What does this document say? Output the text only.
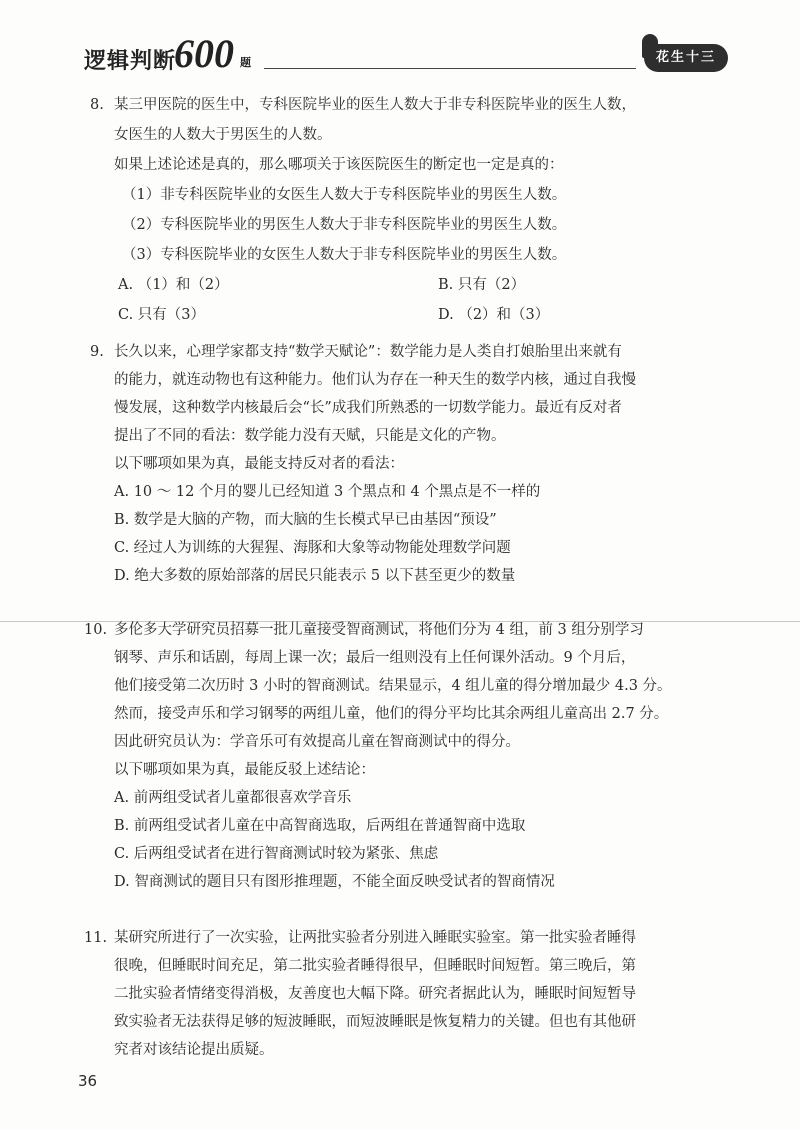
逻辑判断
600 题	花生十三
8. 某三甲医院的医生中，专科医院毕业的医生人数大于非专科医院毕业的医生人数，
女医生的人数大于男医生的人数。
如果上述论述是真的，那么哪项关于该医院医生的断定也一定是真的：
（1）非专科医院毕业的女医生人数大于专科医院毕业的男医生人数。
（2）专科医院毕业的男医生人数大于非专科医院毕业的男医生人数。
（3）专科医院毕业的女医生人数大于非专科医院毕业的男医生人数。
A. （1）和（2）	B. 只有（2）
C. 只有（3）	D. （2）和（3）
9. 长久以来，心理学家都支持“数学天赋论”：数学能力是人类自打娘胎里出来就有
的能力，就连动物也有这种能力。他们认为存在一种天生的数学内核，通过自我慢
慢发展，这种数学内核最后会“长”成我们所熟悉的一切数学能力。最近有反对者
提出了不同的看法：数学能力没有天赋，只能是文化的产物。
以下哪项如果为真，最能支持反对者的看法：
A. 10 ～ 12 个月的婴儿已经知道 3 个黑点和 4 个黑点是不一样的
B. 数学是大脑的产物，而大脑的生长模式早已由基因“预设”
C. 经过人为训练的大猩猩、海豚和大象等动物能处理数学问题
D. 绝大多数的原始部落的居民只能表示 5 以下甚至更少的数量
10. 多伦多大学研究员招募一批儿童接受智商测试，将他们分为 4 组，前 3 组分别学习
钢琴、声乐和话剧，每周上课一次；最后一组则没有上任何课外活动。9 个月后，
他们接受第二次历时 3 小时的智商测试。结果显示，4 组儿童的得分增加最少 4.3 分。
然而，接受声乐和学习钢琴的两组儿童，他们的得分平均比其余两组儿童高出 2.7 分。
因此研究员认为：学音乐可有效提高儿童在智商测试中的得分。
以下哪项如果为真，最能反驳上述结论：
A. 前两组受试者儿童都很喜欢学音乐
B. 前两组受试者儿童在中高智商选取，后两组在普通智商中选取
C. 后两组受试者在进行智商测试时较为紧张、焦虑
D. 智商测试的题目只有图形推理题，不能全面反映受试者的智商情况
11. 某研究所进行了一次实验，让两批实验者分别进入睡眠实验室。第一批实验者睡得
很晚，但睡眠时间充足，第二批实验者睡得很早，但睡眠时间短暂。第三晚后，第
二批实验者情绪变得消极，友善度也大幅下降。研究者据此认为，睡眠时间短暂导
致实验者无法获得足够的短波睡眠，而短波睡眠是恢复精力的关键。但也有其他研
究者对该结论提出质疑。
36
